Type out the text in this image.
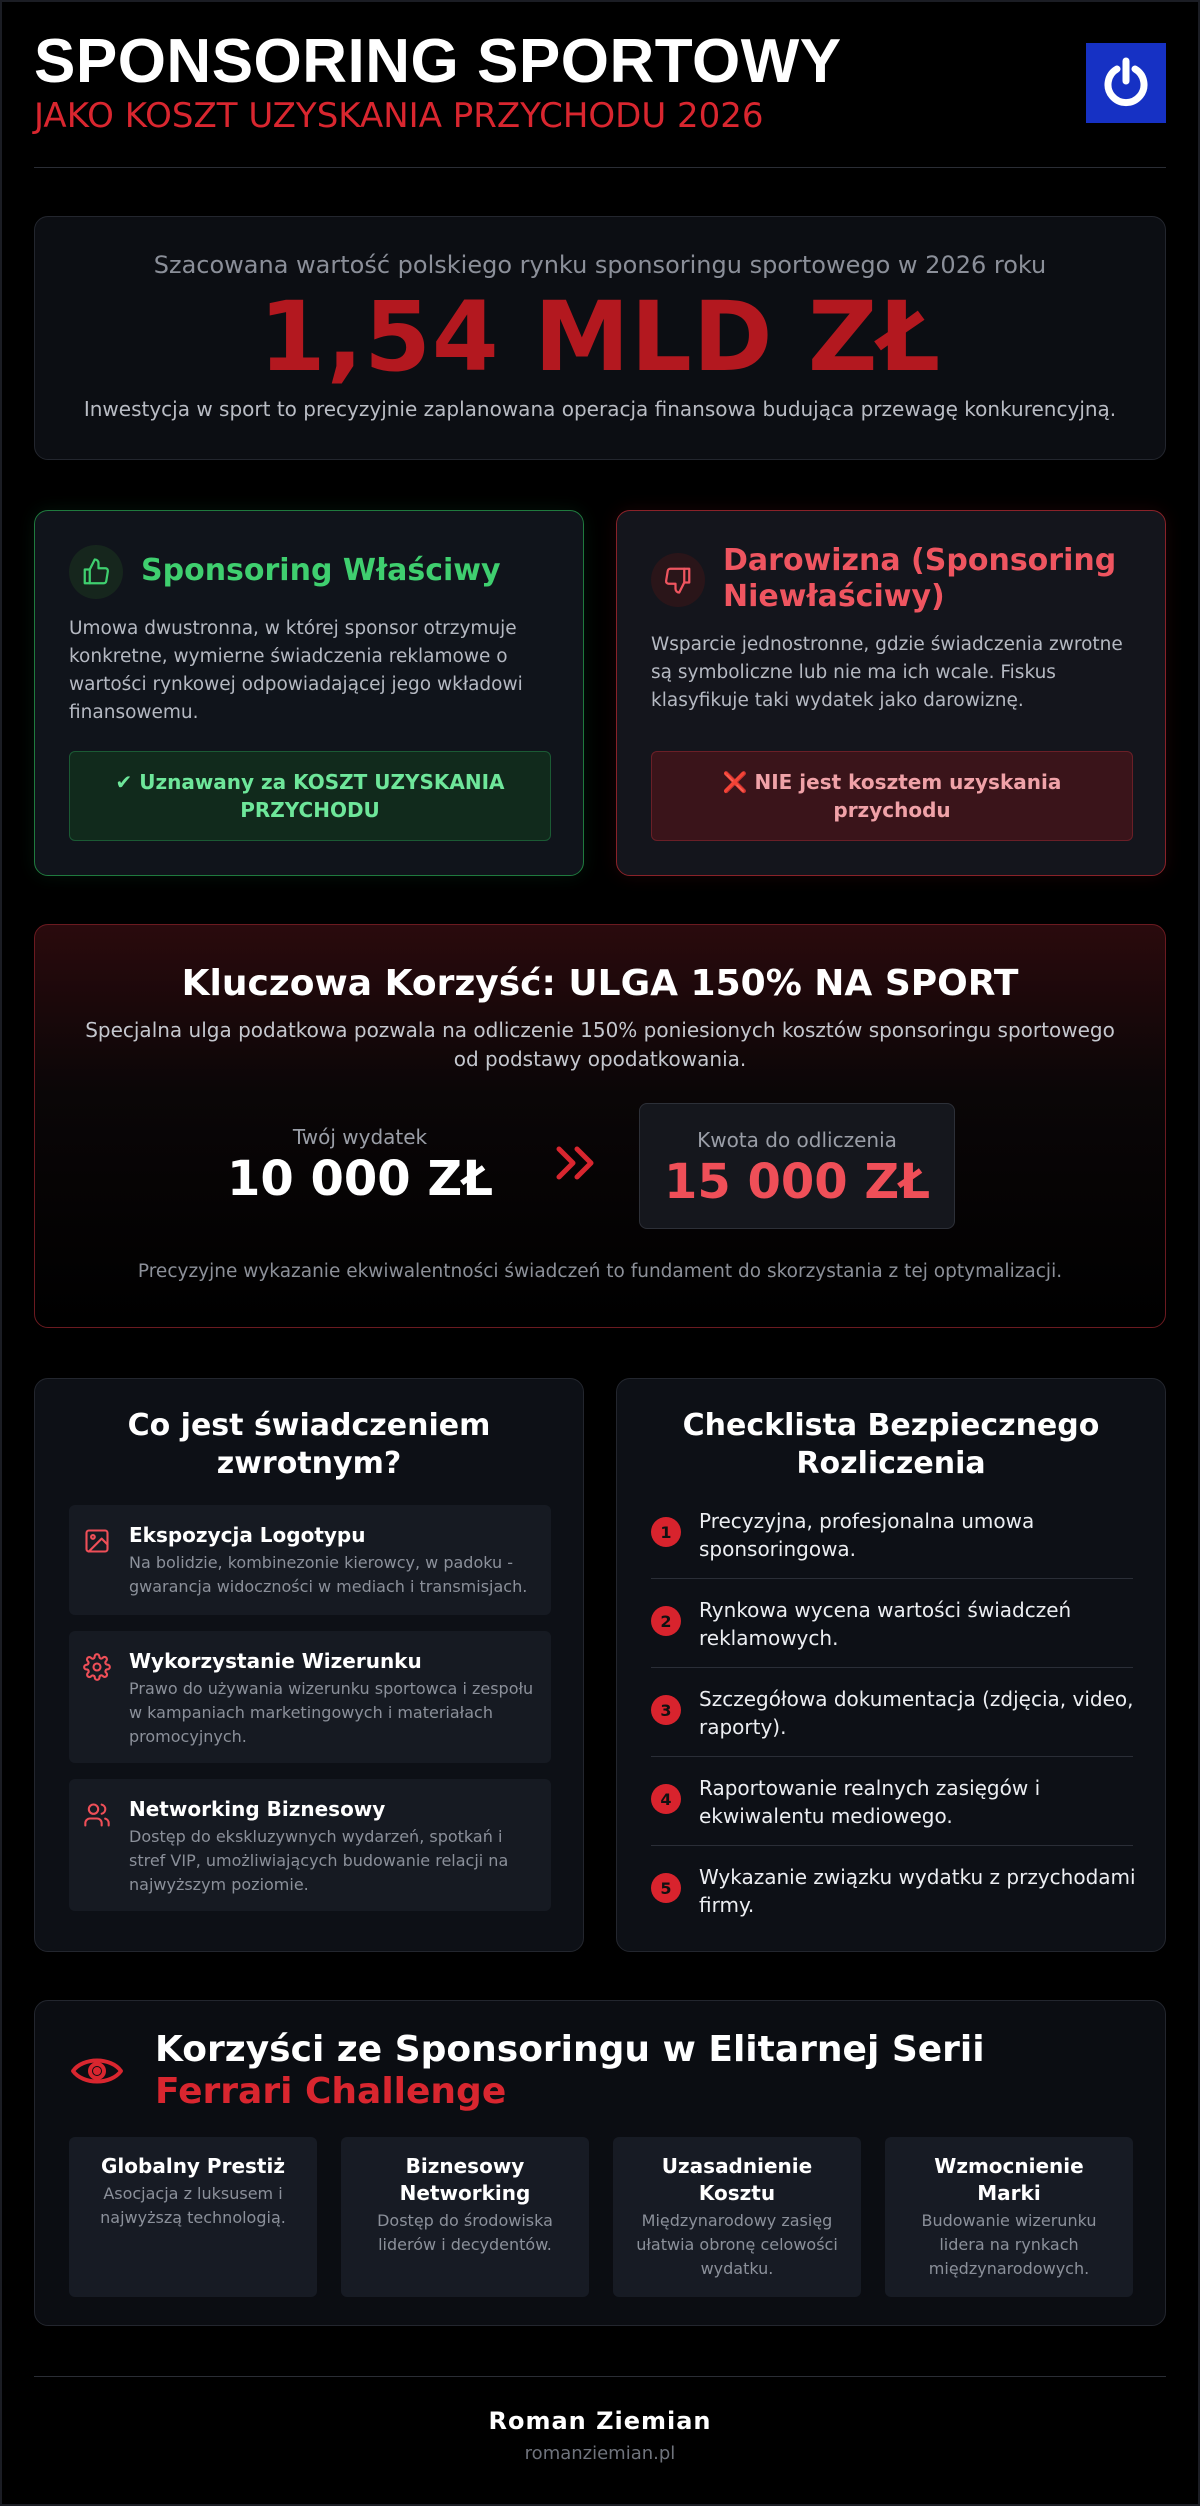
SPONSORING SPORTOWY
JAKO KOSZT UZYSKANIA PRZYCHODU 2026
Szacowana wartość polskiego rynku sponsoringu sportowego w 2026 roku
1,54 MLD ZŁ
Inwestycja w sport to precyzyjnie zaplanowana operacja finansowa budująca przewagę konkurencyjną.
Sponsoring Właściwy
Umowa dwustronna, w której sponsor otrzymuje konkretne, wymierne świadczenia reklamowe o wartości rynkowej odpowiadającej jego wkładowi finansowemu.
✔ Uznawany za KOSZT UZYSKANIA PRZYCHODU
Darowizna (Sponsoring Niewłaściwy)
Wsparcie jednostronne, gdzie świadczenia zwrotne są symboliczne lub nie ma ich wcale. Fiskus klasyfikuje taki wydatek jako darowiznę.
❌ NIE jest kosztem uzyskania przychodu
Kluczowa Korzyść: ULGA 150% NA SPORT
Specjalna ulga podatkowa pozwala na odliczenie 150% poniesionych kosztów sponsoringu sportowego od podstawy opodatkowania.
Twój wydatek
10 000 ZŁ
Kwota do odliczenia
15 000 ZŁ
Precyzyjne wykazanie ekwiwalentności świadczeń to fundament do skorzystania z tej optymalizacji.
Co jest świadczeniem zwrotnym?
Ekspozycja Logotypu
Na bolidzie, kombinezonie kierowcy, w padoku - gwarancja widoczności w mediach i transmisjach.
Wykorzystanie Wizerunku
Prawo do używania wizerunku sportowca i zespołu w kampaniach marketingowych i materiałach promocyjnych.
Networking Biznesowy
Dostęp do ekskluzywnych wydarzeń, spotkań i stref VIP, umożliwiających budowanie relacji na najwyższym poziomie.
Checklista Bezpiecznego Rozliczenia
1	Precyzyjna, profesjonalna umowa sponsoringowa.
2	Rynkowa wycena wartości świadczeń reklamowych.
3	Szczegółowa dokumentacja (zdjęcia, video, raporty).
4	Raportowanie realnych zasięgów i ekwiwalentu mediowego.
5	Wykazanie związku wydatku z przychodami firmy.
Korzyści ze Sponsoringu w Elitarnej Serii
Ferrari Challenge
Globalny Prestiż
Asocjacja z luksusem i najwyższą technologią.
Biznesowy Networking
Dostęp do środowiska liderów i decydentów.
Uzasadnienie Kosztu
Międzynarodowy zasięg ułatwia obronę celowości wydatku.
Wzmocnienie Marki
Budowanie wizerunku lidera na rynkach międzynarodowych.
Roman Ziemian
romanziemian.pl
